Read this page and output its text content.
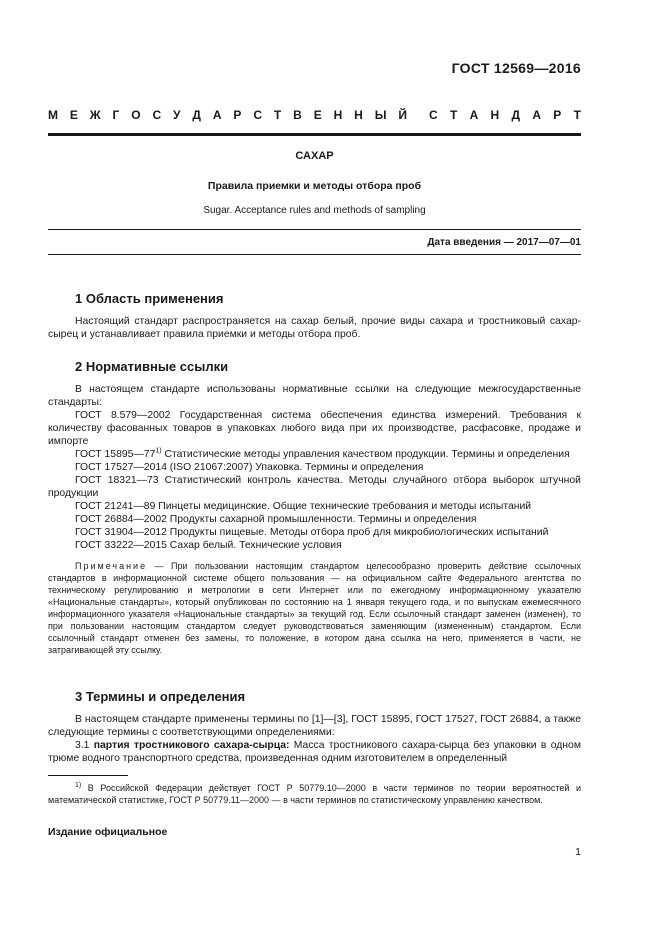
ГОСТ 12569—2016
М Е Ж Г О С У Д А Р С Т В Е Н Н Ы Й С Т А Н Д А Р Т
САХАР
Правила приемки и методы отбора проб
Sugar. Acceptance rules and methods of sampling
Дата введения — 2017—07—01
1 Область применения

Настоящий стандарт распространяется на сахар белый, прочие виды сахара и тростниковый сахар-сырец и устанавливает правила приемки и методы отбора проб.

2 Нормативные ссылки

В настоящем стандарте использованы нормативные ссылки на следующие межгосударственные стандарты:

ГОСТ 8.579—2002 Государственная система обеспечения единства измерений. Требования к количеству фасованных товаров в упаковках любого вида при их производстве, расфасовке, продаже и импорте

ГОСТ 15895—77$^{1)}$ Статистические методы управления качеством продукции. Термины и определения

ГОСТ 17527—2014 (ISO 21067:2007) Упаковка. Термины и определения

ГОСТ 18321—73 Статистический контроль качества. Методы случайного отбора выборок штучной продукции

ГОСТ 21241—89 Пинцеты медицинские. Общие технические требования и методы испытаний

ГОСТ 26884—2002 Продукты сахарной промышленности. Термины и определения

ГОСТ 31904—2012 Продукты пищевые. Методы отбора проб для микробиологических испытаний

ГОСТ 33222—2015 Сахар белый. Технические условия

Примечание — При пользовании настоящим стандартом целесообразно проверить действие ссылочных стандартов в информационной системе общего пользования — на официальном сайте Федерального агентства по техническому регулированию и метрологии в сети Интернет или по ежегодному информационному указателю «Национальные стандарты», который опубликован по состоянию на 1 января текущего года, и по выпускам ежемесячного информационного указателя «Национальные стандарты» за текущий год. Если ссылочный стандарт заменен (изменен), то при пользовании настоящим стандартом следует руководствоваться заменяющим (измененным) стандартом. Если ссылочный стандарт отменен без замены, то положение, в котором дана ссылка на него, применяется в части, не затрагивающей эту ссылку.

3 Термины и определения

В настоящем стандарте применены термины по [1]—[3], ГОСТ 15895, ГОСТ 17527, ГОСТ 26884, а также следующие термины с соответствующими определениями:

3.1 партия тростникового сахара-сырца: Масса тростникового сахара-сырца без упаковки в одном трюме водного транспортного средства, произведенная одним изготовителем в определенный

$^{1)}$ В Российской Федерации действует ГОСТ Р 50779.10—2000 в части терминов по теории вероятностей и математической статистике, ГОСТ Р 50779.11—2000 — в части терминов по статистическому управлению качеством.

Издание официальное
1
